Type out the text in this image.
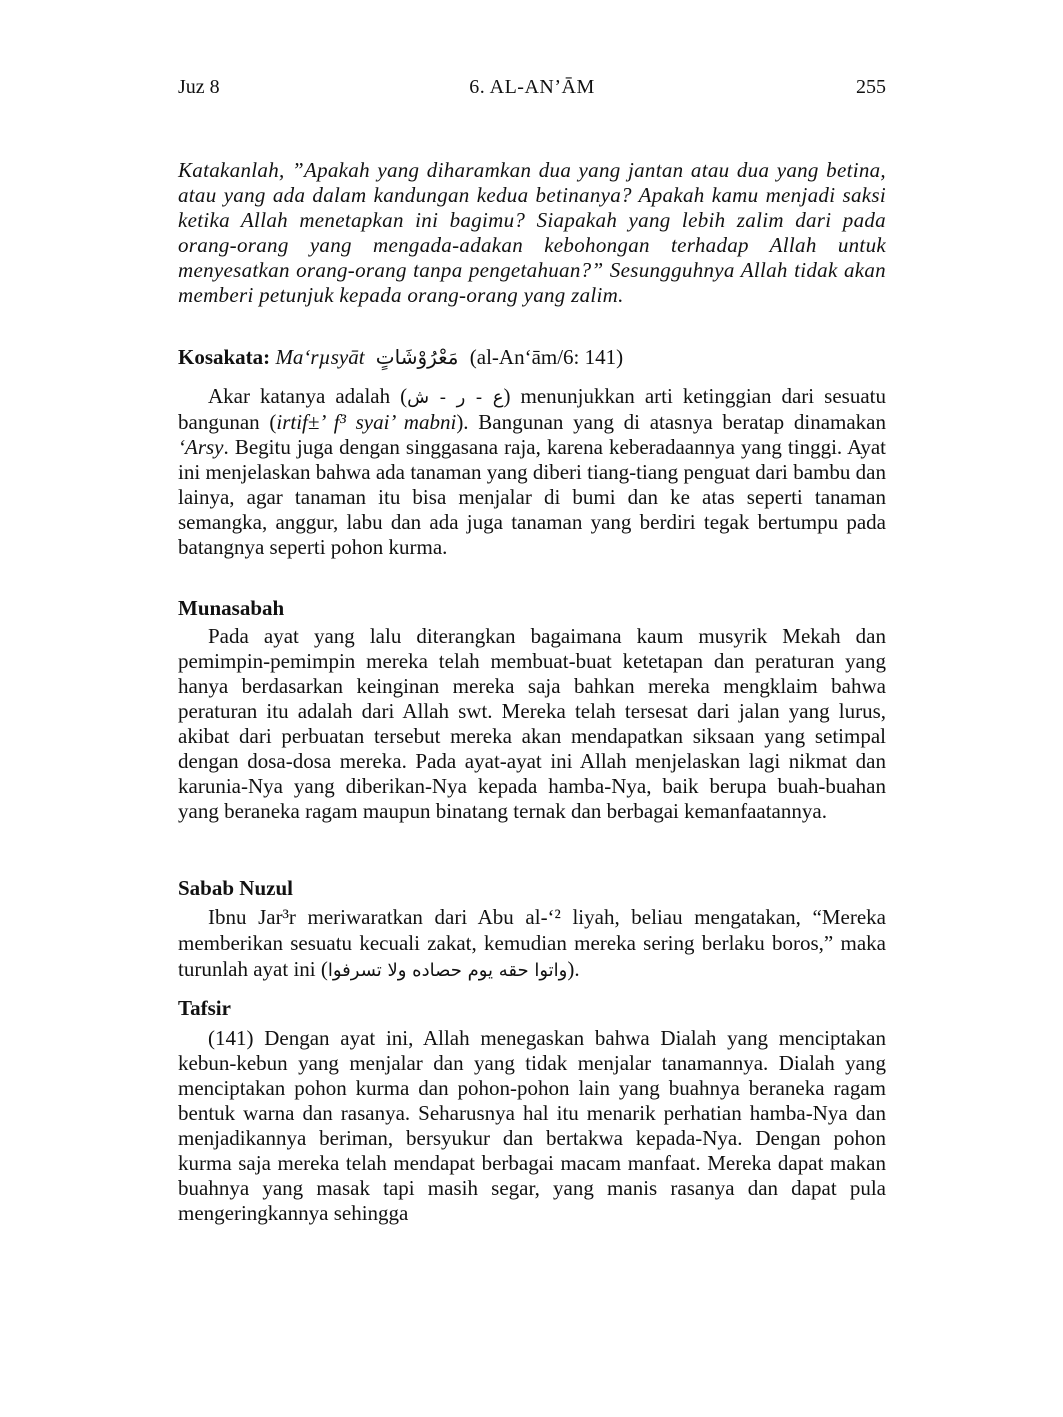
Juz 8	6. AL-AN’ĀM	255
Katakanlah, ”Apakah yang diharamkan dua yang jantan atau dua yang betina, atau yang ada dalam kandungan kedua betinanya? Apakah kamu menjadi saksi ketika Allah menetapkan ini bagimu? Siapakah yang lebih zalim dari pada orang-orang yang mengada-adakan kebohongan terhadap Allah untuk menyesatkan orang-orang tanpa pengetahuan?” Sesungguhnya Allah tidak akan memberi petunjuk kepada orang-orang yang zalim.
Kosakata: Ma‘rµsyāt مَعْرُوْشَاتٍ (al-An‘ām/6: 141)
Akar katanya adalah (ع - ر - ش) menunjukkan arti ketinggian dari sesuatu bangunan (irtif±’ f³ syai’ mabni). Bangunan yang di atasnya beratap dinamakan ‘Arsy. Begitu juga dengan singgasana raja, karena keberadaannya yang tinggi. Ayat ini menjelaskan bahwa ada tanaman yang diberi tiang-tiang penguat dari bambu dan lainya, agar tanaman itu bisa menjalar di bumi dan ke atas seperti tanaman semangka, anggur, labu dan ada juga tanaman yang berdiri tegak bertumpu pada batangnya seperti pohon kurma.
Munasabah
Pada ayat yang lalu diterangkan bagaimana kaum musyrik Mekah dan pemimpin-pemimpin mereka telah membuat-buat ketetapan dan peraturan yang hanya berdasarkan keinginan mereka saja bahkan mereka mengklaim bahwa peraturan itu adalah dari Allah swt. Mereka telah tersesat dari jalan yang lurus, akibat dari perbuatan tersebut mereka akan mendapatkan siksaan yang setimpal dengan dosa-dosa mereka. Pada ayat-ayat ini Allah menjelaskan lagi nikmat dan karunia-Nya yang diberikan-Nya kepada hamba-Nya, baik berupa buah-buahan yang beraneka ragam maupun binatang ternak dan berbagai kemanfaatannya.
Sabab Nuzul
Ibnu Jar³r meriwaratkan dari Abu al-‘² liyah, beliau mengatakan, “Mereka memberikan sesuatu kecuali zakat, kemudian mereka sering berlaku boros,” maka turunlah ayat ini (واتوا حقه يوم حصاده ولا تسرفوا).
Tafsir
(141) Dengan ayat ini, Allah menegaskan bahwa Dialah yang menciptakan kebun-kebun yang menjalar dan yang tidak menjalar tanamannya. Dialah yang menciptakan pohon kurma dan pohon-pohon lain yang buahnya beraneka ragam bentuk warna dan rasanya. Seharusnya hal itu menarik perhatian hamba-Nya dan menjadikannya beriman, bersyukur dan bertakwa kepada-Nya. Dengan pohon kurma saja mereka telah mendapat berbagai macam manfaat. Mereka dapat makan buahnya yang masak tapi masih segar, yang manis rasanya dan dapat pula mengeringkannya sehingga
